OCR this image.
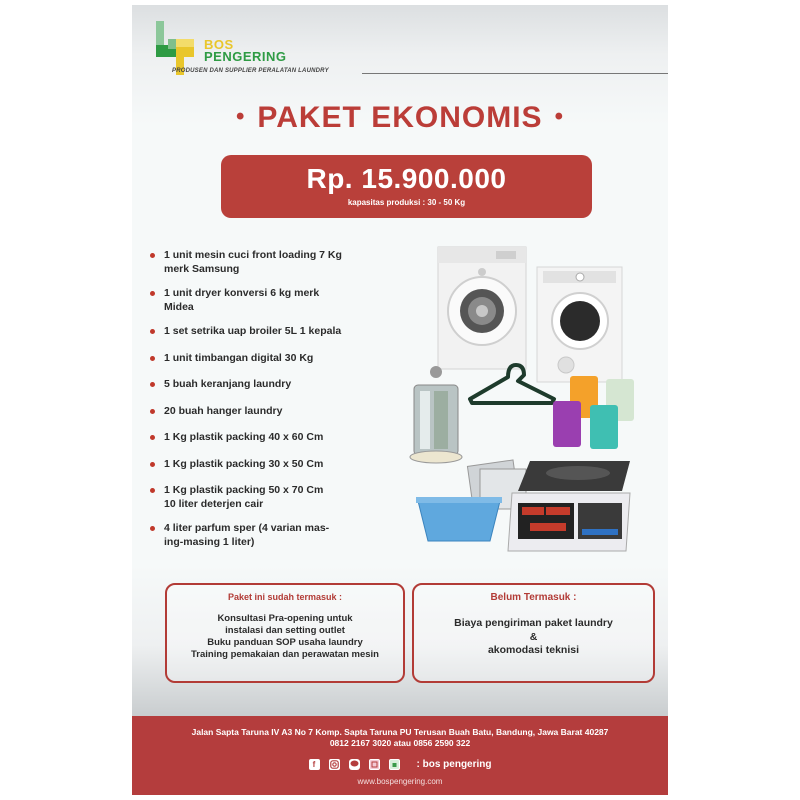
BOS
PENGERING
PRODUSEN DAN SUPPLIER PERALATAN LAUNDRY
• PAKET EKONOMIS •
Rp. 15.900.000
kapasitas produksi : 30 - 50 Kg
1 unit mesin cuci front loading 7 Kg
merk Samsung
1 unit dryer konversi 6 kg merk
Midea
1 set setrika uap broiler 5L 1 kepala
1 unit timbangan digital 30 Kg
5 buah keranjang laundry
20 buah hanger laundry
1 Kg plastik packing 40 x 60 Cm
1 Kg plastik packing 30 x 50 Cm
1 Kg plastik packing 50 x 70 Cm
10 liter deterjen cair
4 liter parfum sper (4 varian mas-
ing-masing 1 liter)
Paket ini sudah termasuk :
Konsultasi Pra-opening untuk
instalasi dan setting outlet
Buku panduan SOP usaha laundry
Training pemakaian dan perawatan mesin
Belum Termasuk :
Biaya pengiriman paket laundry
&
akomodasi teknisi
Jalan Sapta Taruna IV A3 No 7 Komp. Sapta Taruna PU Terusan Buah Batu, Bandung, Jawa Barat 40287
0812 2167 3020 atau 0856 2590 322
f	: bos pengering
www.bospengering.com
